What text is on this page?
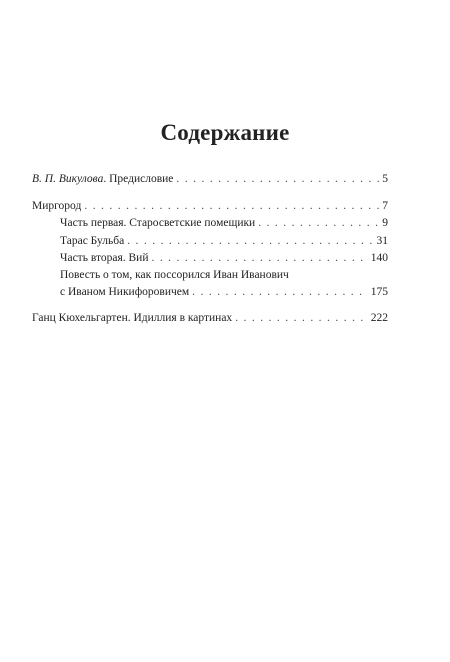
Содержание
В. П. Викулова. Предисловие . . .	5
Миргород . . .	7
Часть первая. Старосветские помещики . . .	9
Тарас Бульба . . .	31
Часть вторая. Вий . . .	140
Повесть о том, как поссорился Иван Иванович
с Иваном Никифоровичем . . .	175
Ганц Кюхельгартен. Идиллия в картинах . . .	222
